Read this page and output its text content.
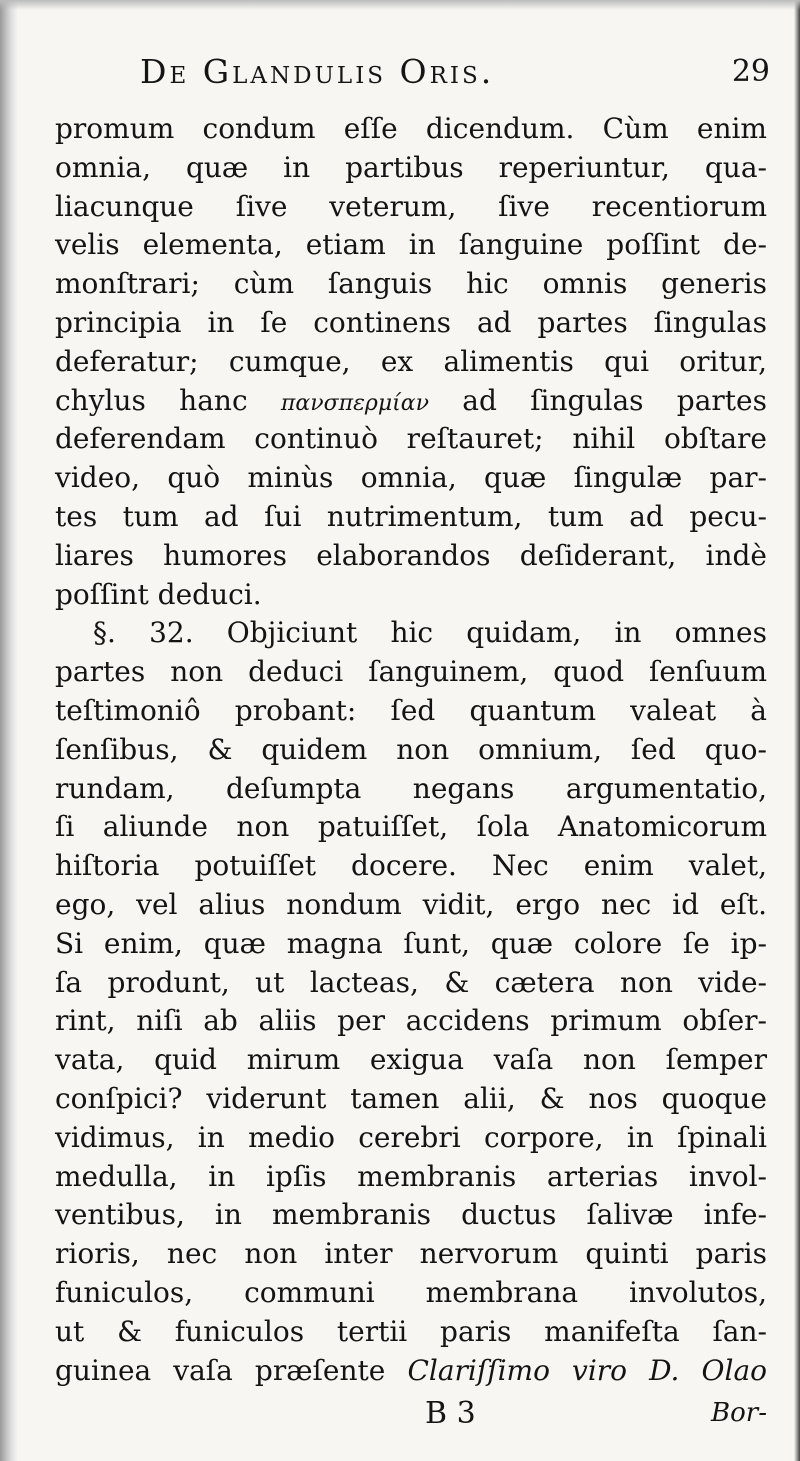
De Glandulis Oris.	29
promum condum eſſe dicendum. Cùm enim
omnia, quæ in partibus reperiuntur, qua-
liacunque ſive veterum, ſive recentiorum
velis elementa, etiam in ſanguine poſſint de-
monſtrari; cùm ſanguis hic omnis generis
principia in ſe continens ad partes ſingulas
deferatur; cumque, ex alimentis qui oritur,
chylus hanc πανσπερμίαν ad ſingulas partes
deferendam continuò reſtauret; nihil obſtare
video, quò minùs omnia, quæ ſingulæ par-
tes tum ad ſui nutrimentum, tum ad pecu-
liares humores elaborandos deſiderant, indè
poſſint deduci.
§. 32. Objiciunt hic quidam, in omnes
partes non deduci ſanguinem, quod ſenſuum
teſtimoniô probant: ſed quantum valeat à
ſenſibus, & quidem non omnium, ſed quo-
rundam, deſumpta negans argumentatio,
ſi aliunde non patuiſſet, ſola Anatomicorum
hiſtoria potuiſſet docere. Nec enim valet,
ego, vel alius nondum vidit, ergo nec id eſt.
Si enim, quæ magna ſunt, quæ colore ſe ip-
ſa produnt, ut lacteas, & cætera non vide-
rint, niſi ab aliis per accidens primum obſer-
vata, quid mirum exigua vaſa non ſemper
conſpici? viderunt tamen alii, & nos quoque
vidimus, in medio cerebri corpore, in ſpinali
medulla, in ipſis membranis arterias invol-
ventibus, in membranis ductus ſalivæ infe-
rioris, nec non inter nervorum quinti paris
funiculos, communi membrana involutos,
ut & funiculos tertii paris manifeſta ſan-
guinea vaſa præſente Clariſſimo viro D. Olao
B 3	Bor-
